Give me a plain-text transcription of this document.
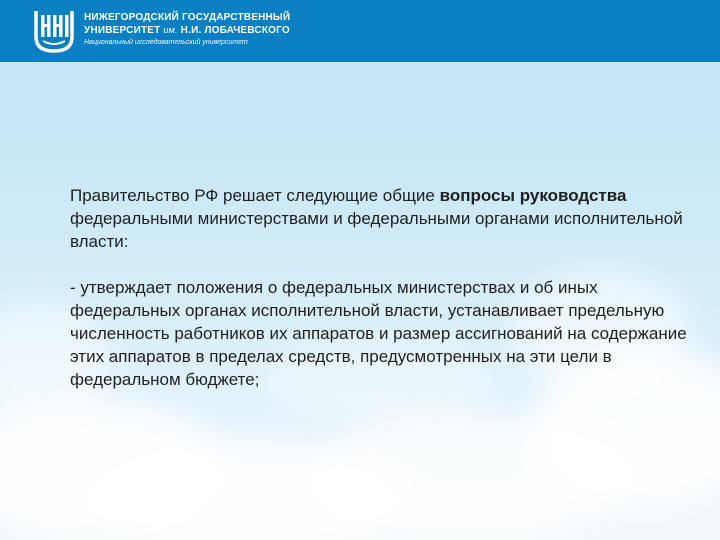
НИЖЕГОРОДСКИЙ ГОСУДАРСТВЕННЫЙ
УНИВЕРСИТЕТ им. Н.И. ЛОБАЧЕВСКОГО
Национальный исследовательский университет

Правительство РФ решает следующие общие вопросы руководства федеральными министерствами и федеральными органами исполнительной власти:

- утверждает положения о федеральных министерствах и об иных федеральных органах исполнительной власти, устанавливает предельную численность работников их аппаратов и размер ассигнований на содержание этих аппаратов в пределах средств, предусмотренных на эти цели в федеральном бюджете;
